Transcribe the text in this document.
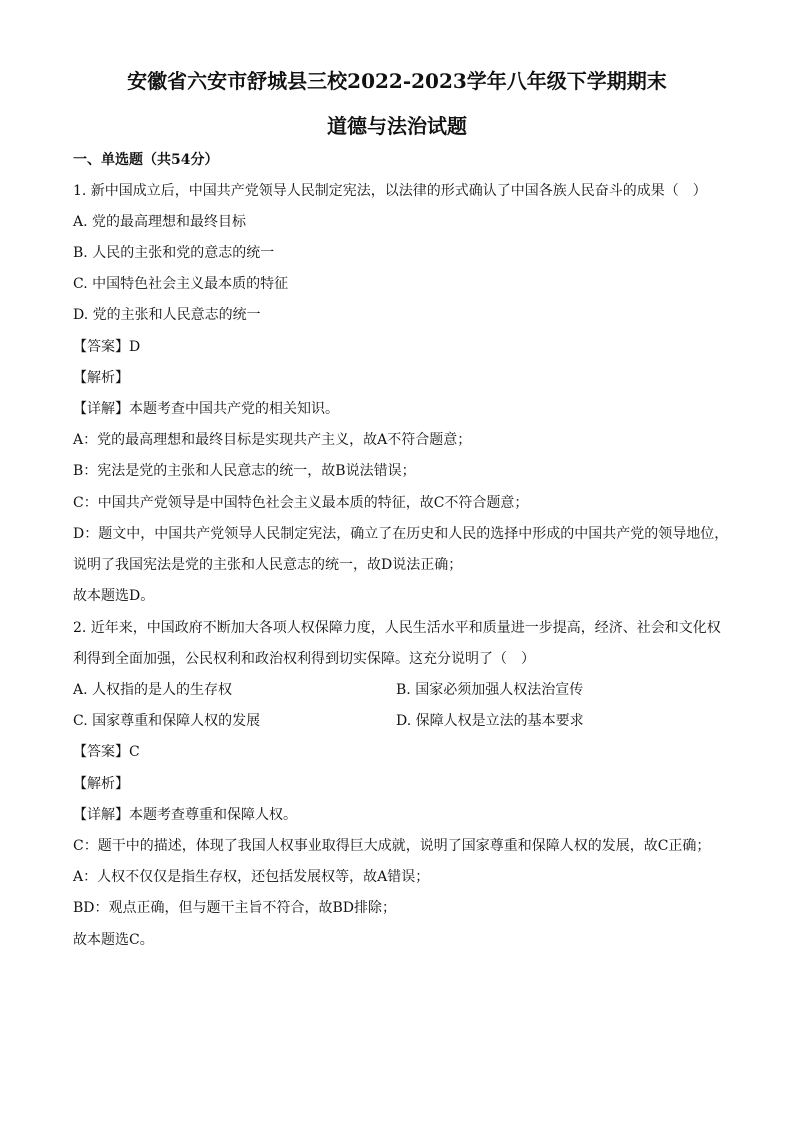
安徽省六安市舒城县三校2022-2023学年八年级下学期期末
道德与法治试题
一、单选题（共54分）
1. 新中国成立后，中国共产党领导人民制定宪法，以法律的形式确认了中国各族人民奋斗的成果（　）
A. 党的最高理想和最终目标
B. 人民的主张和党的意志的统一
C. 中国特色社会主义最本质的特征
D. 党的主张和人民意志的统一
【答案】D
【解析】
【详解】本题考查中国共产党的相关知识。
A：党的最高理想和最终目标是实现共产主义，故A不符合题意；
B：宪法是党的主张和人民意志的统一，故B说法错误；
C：中国共产党领导是中国特色社会主义最本质的特征，故C不符合题意；
D：题文中，中国共产党领导人民制定宪法，确立了在历史和人民的选择中形成的中国共产党的领导地位，
说明了我国宪法是党的主张和人民意志的统一，故D说法正确；
故本题选D。
2. 近年来，中国政府不断加大各项人权保障力度，人民生活水平和质量进一步提高，经济、社会和文化权
利得到全面加强，公民权利和政治权利得到切实保障。这充分说明了（　）
A. 人权指的是人的生存权	B. 国家必须加强人权法治宣传
C. 国家尊重和保障人权的发展	D. 保障人权是立法的基本要求
【答案】C
【解析】
【详解】本题考查尊重和保障人权。
C：题干中的描述，体现了我国人权事业取得巨大成就，说明了国家尊重和保障人权的发展，故C正确；
A：人权不仅仅是指生存权，还包括发展权等，故A错误；
BD：观点正确，但与题干主旨不符合，故BD排除；
故本题选C。
